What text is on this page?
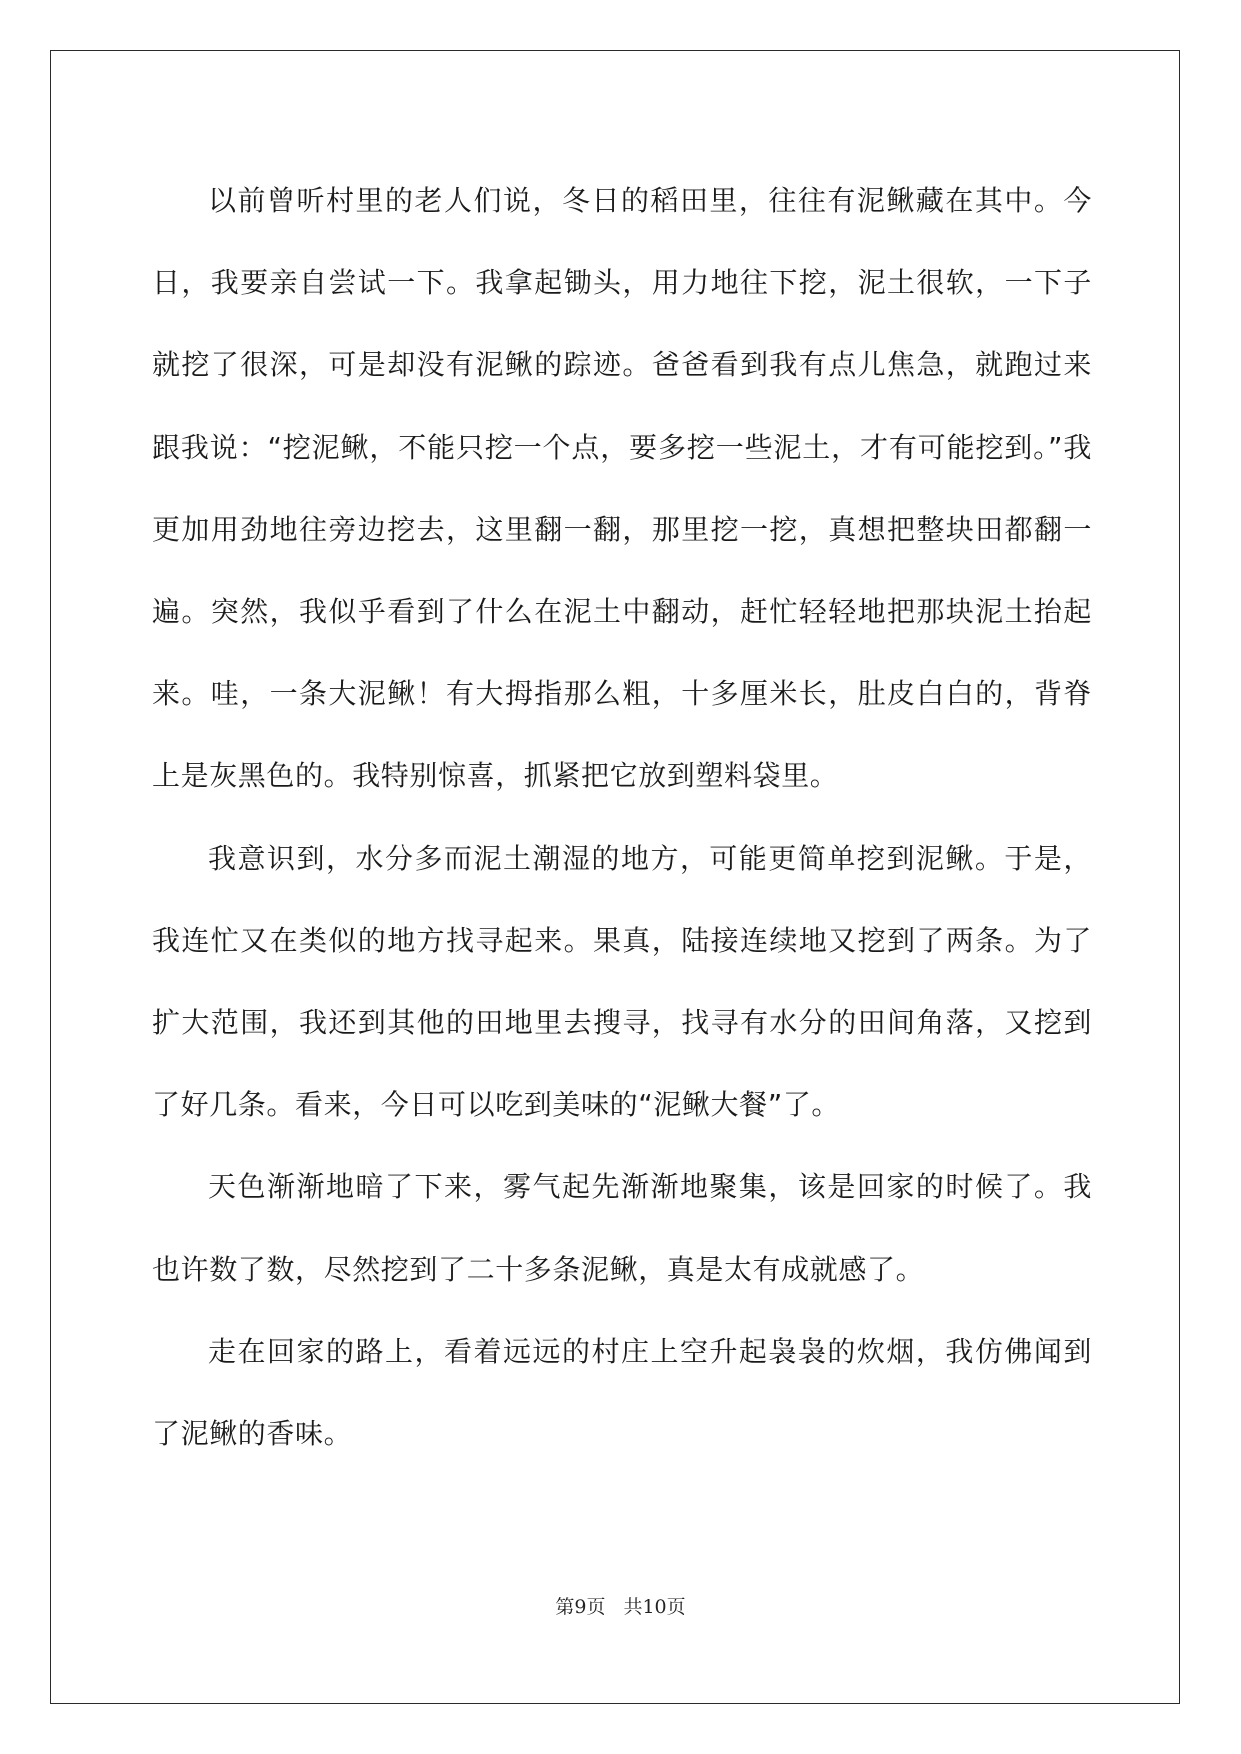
以前曾听村里的老人们说，冬日的稻田里，往往有泥鳅藏在其中。今日，我要亲自尝试一下。我拿起锄头，用力地往下挖，泥土很软，一下子就挖了很深，可是却没有泥鳅的踪迹。爸爸看到我有点儿焦急，就跑过来跟我说：“挖泥鳅，不能只挖一个点，要多挖一些泥土，才有可能挖到。”我更加用劲地往旁边挖去，这里翻一翻，那里挖一挖，真想把整块田都翻一遍。突然，我似乎看到了什么在泥土中翻动，赶忙轻轻地把那块泥土抬起来。哇，一条大泥鳅！有大拇指那么粗，十多厘米长，肚皮白白的，背脊上是灰黑色的。我特别惊喜，抓紧把它放到塑料袋里。

我意识到，水分多而泥土潮湿的地方，可能更简单挖到泥鳅。于是，我连忙又在类似的地方找寻起来。果真，陆接连续地又挖到了两条。为了扩大范围，我还到其他的田地里去搜寻，找寻有水分的田间角落，又挖到了好几条。看来，今日可以吃到美味的“泥鳅大餐”了。

天色渐渐地暗了下来，雾气起先渐渐地聚集，该是回家的时候了。我也许数了数，尽然挖到了二十多条泥鳅，真是太有成就感了。

走在回家的路上，看着远远的村庄上空升起袅袅的炊烟，我仿佛闻到了泥鳅的香味。

第9页 共10页
